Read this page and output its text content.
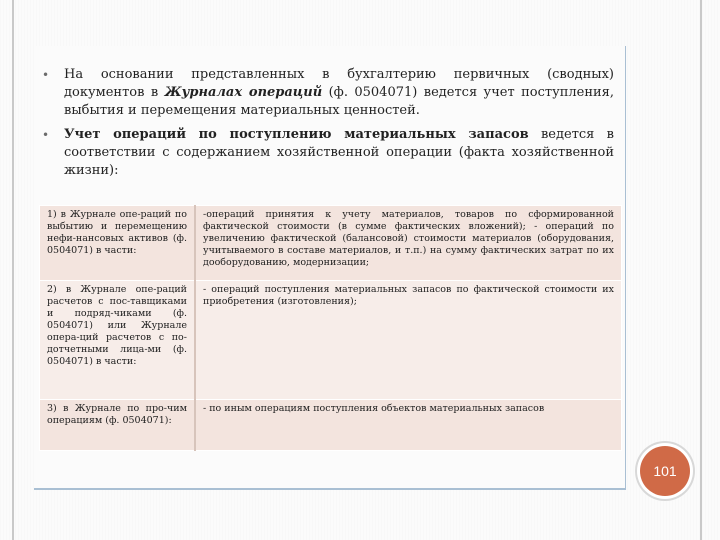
• На основании представленных в бухгалтерию первичных (сводных) документов в Журналах операций (ф. 0504071) ведется учет поступления, выбытия и перемещения материальных ценностей.
• Учет операций по поступлению материальных запасов ведется в соответствии с содержанием хозяйственной операции (факта хозяйственной жизни):
1) в Журнале опе-раций по выбытию и перемещению нефи-нансовых активов (ф. 0504071) в части:	-операций принятия к учету материалов, товаров по сформированной фактической стоимости (в сумме фактических вложений); - операций по увеличению фактической (балансовой) стоимости материалов (оборудования, учитываемого в составе материалов, и т.п.) на сумму фактических затрат по их дооборудованию, модернизации;
2) в Журнале опе-раций расчетов с пос-тавщиками и подряд-чиками (ф. 0504071) или Журнале опера-ций расчетов с по-дотчетными лица-ми (ф. 0504071) в части:	- операций поступления материальных запасов по фактической стоимости их приобретения (изготовления);
3) в Журнале по про-чим операциям (ф. 0504071):	- по иным операциям поступления объектов материальных запасов
101
